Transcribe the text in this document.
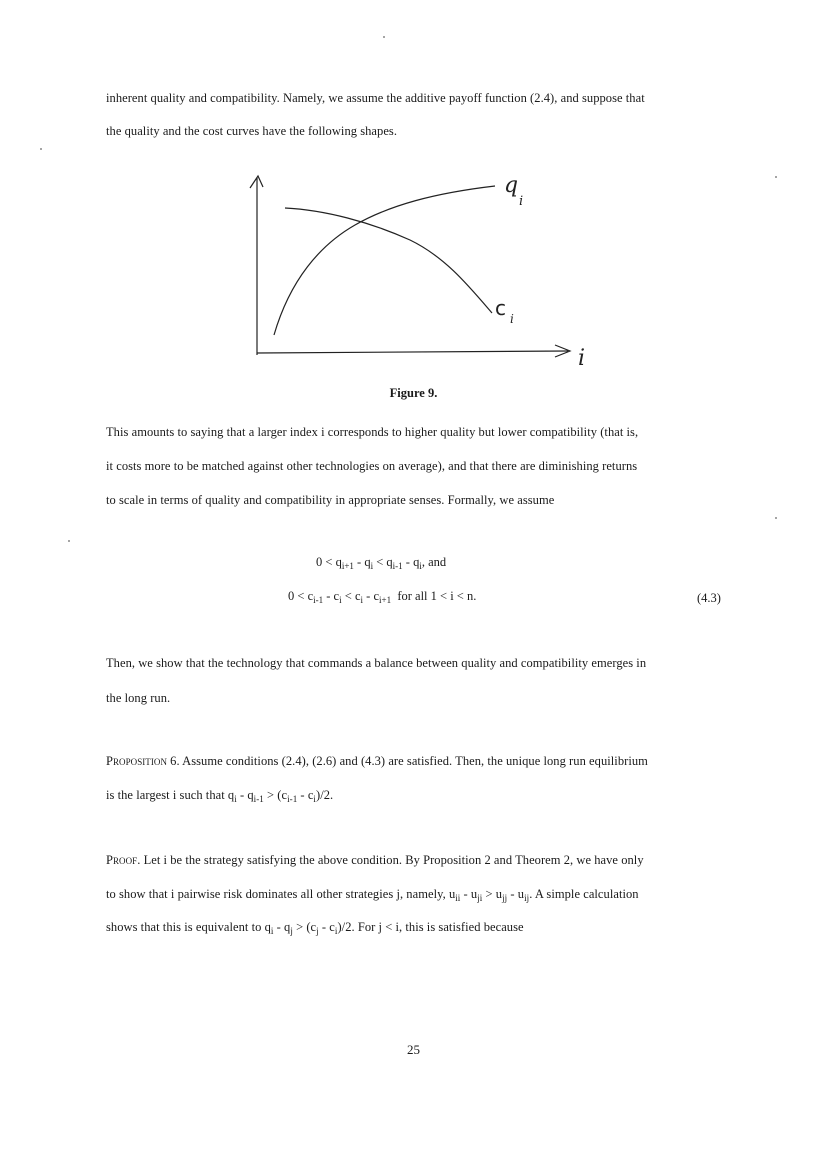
inherent quality and compatibility. Namely, we assume the additive payoff function (2.4), and suppose that
the quality and the cost curves have the following shapes.
q
i
c i
i
Figure 9.
This amounts to saying that a larger index i corresponds to higher quality but lower compatibility (that is,
it costs more to be matched against other technologies on average), and that there are diminishing returns
to scale in terms of quality and compatibility in appropriate senses. Formally, we assume
$0 < q_{i+1} - q_i < q_{i-1} - q_i$, and
$0 < c_{i-1} - c_i < c_i - c_{i+1}$ for all 1 < i < n.	(4.3)
Then, we show that the technology that commands a balance between quality and compatibility emerges in
the long run.
Proposition 6. Assume conditions (2.4), (2.6) and (4.3) are satisfied. Then, the unique long run equilibrium
is the largest i such that $q_i - q_{i-1} > (c_{i-1} - c_i)/2$.
Proof. Let i be the strategy satisfying the above condition. By Proposition 2 and Theorem 2, we have only
to show that i pairwise risk dominates all other strategies j, namely, $u_{ii} - u_{ji} > u_{jj} - u_{ij}$. A simple calculation
shows that this is equivalent to $q_i - q_j > (c_j - c_i)/2$. For j < i, this is satisfied because
25
